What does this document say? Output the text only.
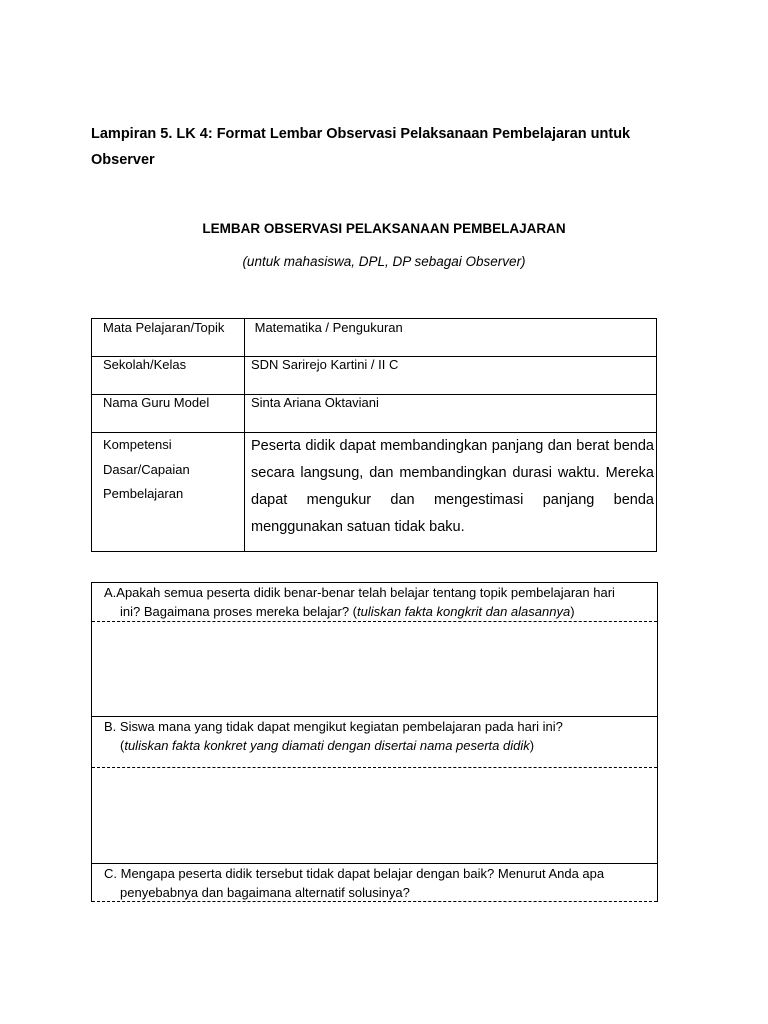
Lampiran 5. LK 4: Format Lembar Observasi Pelaksanaan Pembelajaran untuk
Observer
LEMBAR OBSERVASI PELAKSANAAN PEMBELAJARAN
(untuk mahasiswa, DPL, DP sebagai Observer)
Mata Pelajaran/Topik	Matematika / Pengukuran

Sekolah/Kelas	SDN Sarirejo Kartini / II C

Nama Guru Model	Sinta Ariana Oktaviani

Kompetensi
Dasar/Capaian
Pembelajaran	Peserta didik dapat membandingkan panjang dan berat benda secara langsung, dan membandingkan durasi waktu. Mereka dapat mengukur dan mengestimasi panjang benda menggunakan satuan tidak baku.
A.Apakah semua peserta didik benar-benar telah belajar tentang topik pembelajaran hari
ini? Bagaimana proses mereka belajar? (tuliskan fakta kongkrit dan alasannya)
B. Siswa mana yang tidak dapat mengikut kegiatan pembelajaran pada hari ini?
(tuliskan fakta konkret yang diamati dengan disertai nama peserta didik)
C. Mengapa peserta didik tersebut tidak dapat belajar dengan baik? Menurut Anda apa
penyebabnya dan bagaimana alternatif solusinya?
